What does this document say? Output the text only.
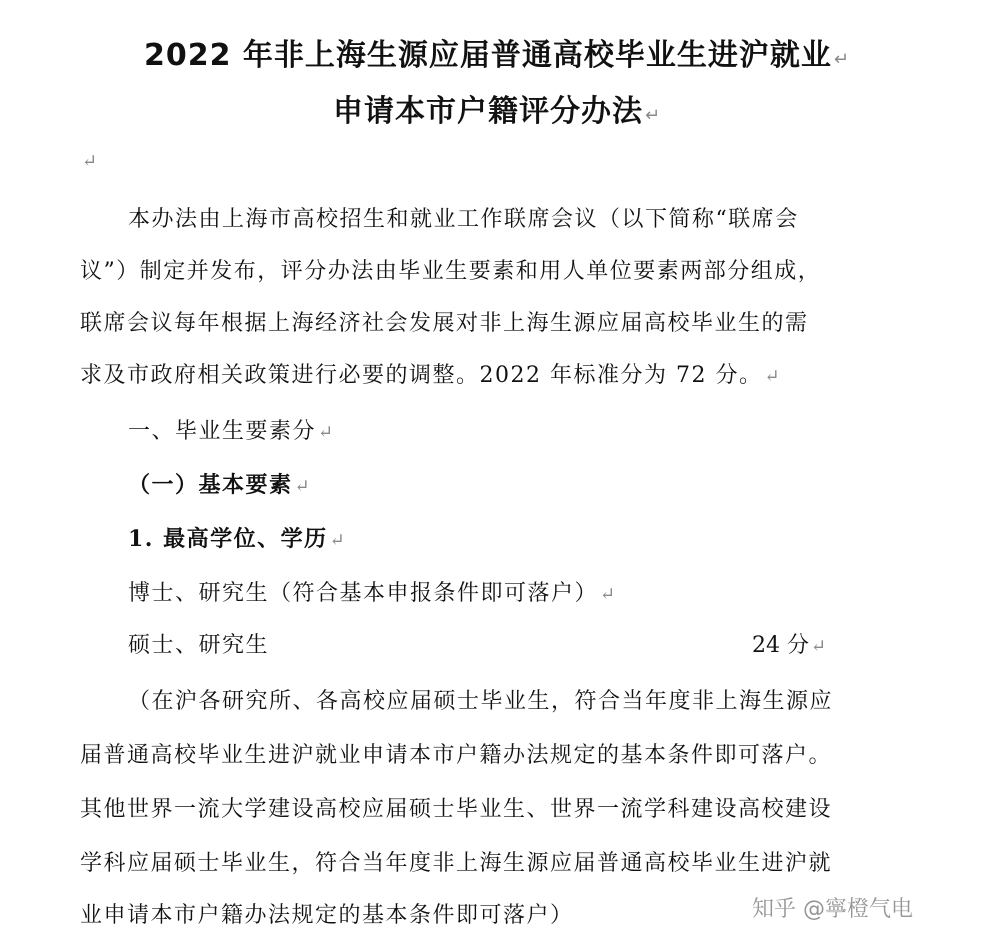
2022 年非上海生源应届普通高校毕业生进沪就业 ↵
申请本市户籍评分办法 ↵
↵
本办法由上海市高校招生和就业工作联席会议（以下简称“联席会
议”）制定并发布，评分办法由毕业生要素和用人单位要素两部分组成，
联席会议每年根据上海经济社会发展对非上海生源应届高校毕业生的需
求及市政府相关政策进行必要的调整。2022 年标准分为 72 分。 ↵
一、毕业生要素分 ↵
（一）基本要素 ↵
1. 最高学位、学历 ↵
博士、研究生（符合基本申报条件即可落户） ↵
硕士、研究生	24 分 ↵
（在沪各研究所、各高校应届硕士毕业生，符合当年度非上海生源应
届普通高校毕业生进沪就业申请本市户籍办法规定的基本条件即可落户。
其他世界一流大学建设高校应届硕士毕业生、世界一流学科建设高校建设
学科应届硕士毕业生，符合当年度非上海生源应届普通高校毕业生进沪就
业申请本市户籍办法规定的基本条件即可落户）	知乎 @寧橙气电
